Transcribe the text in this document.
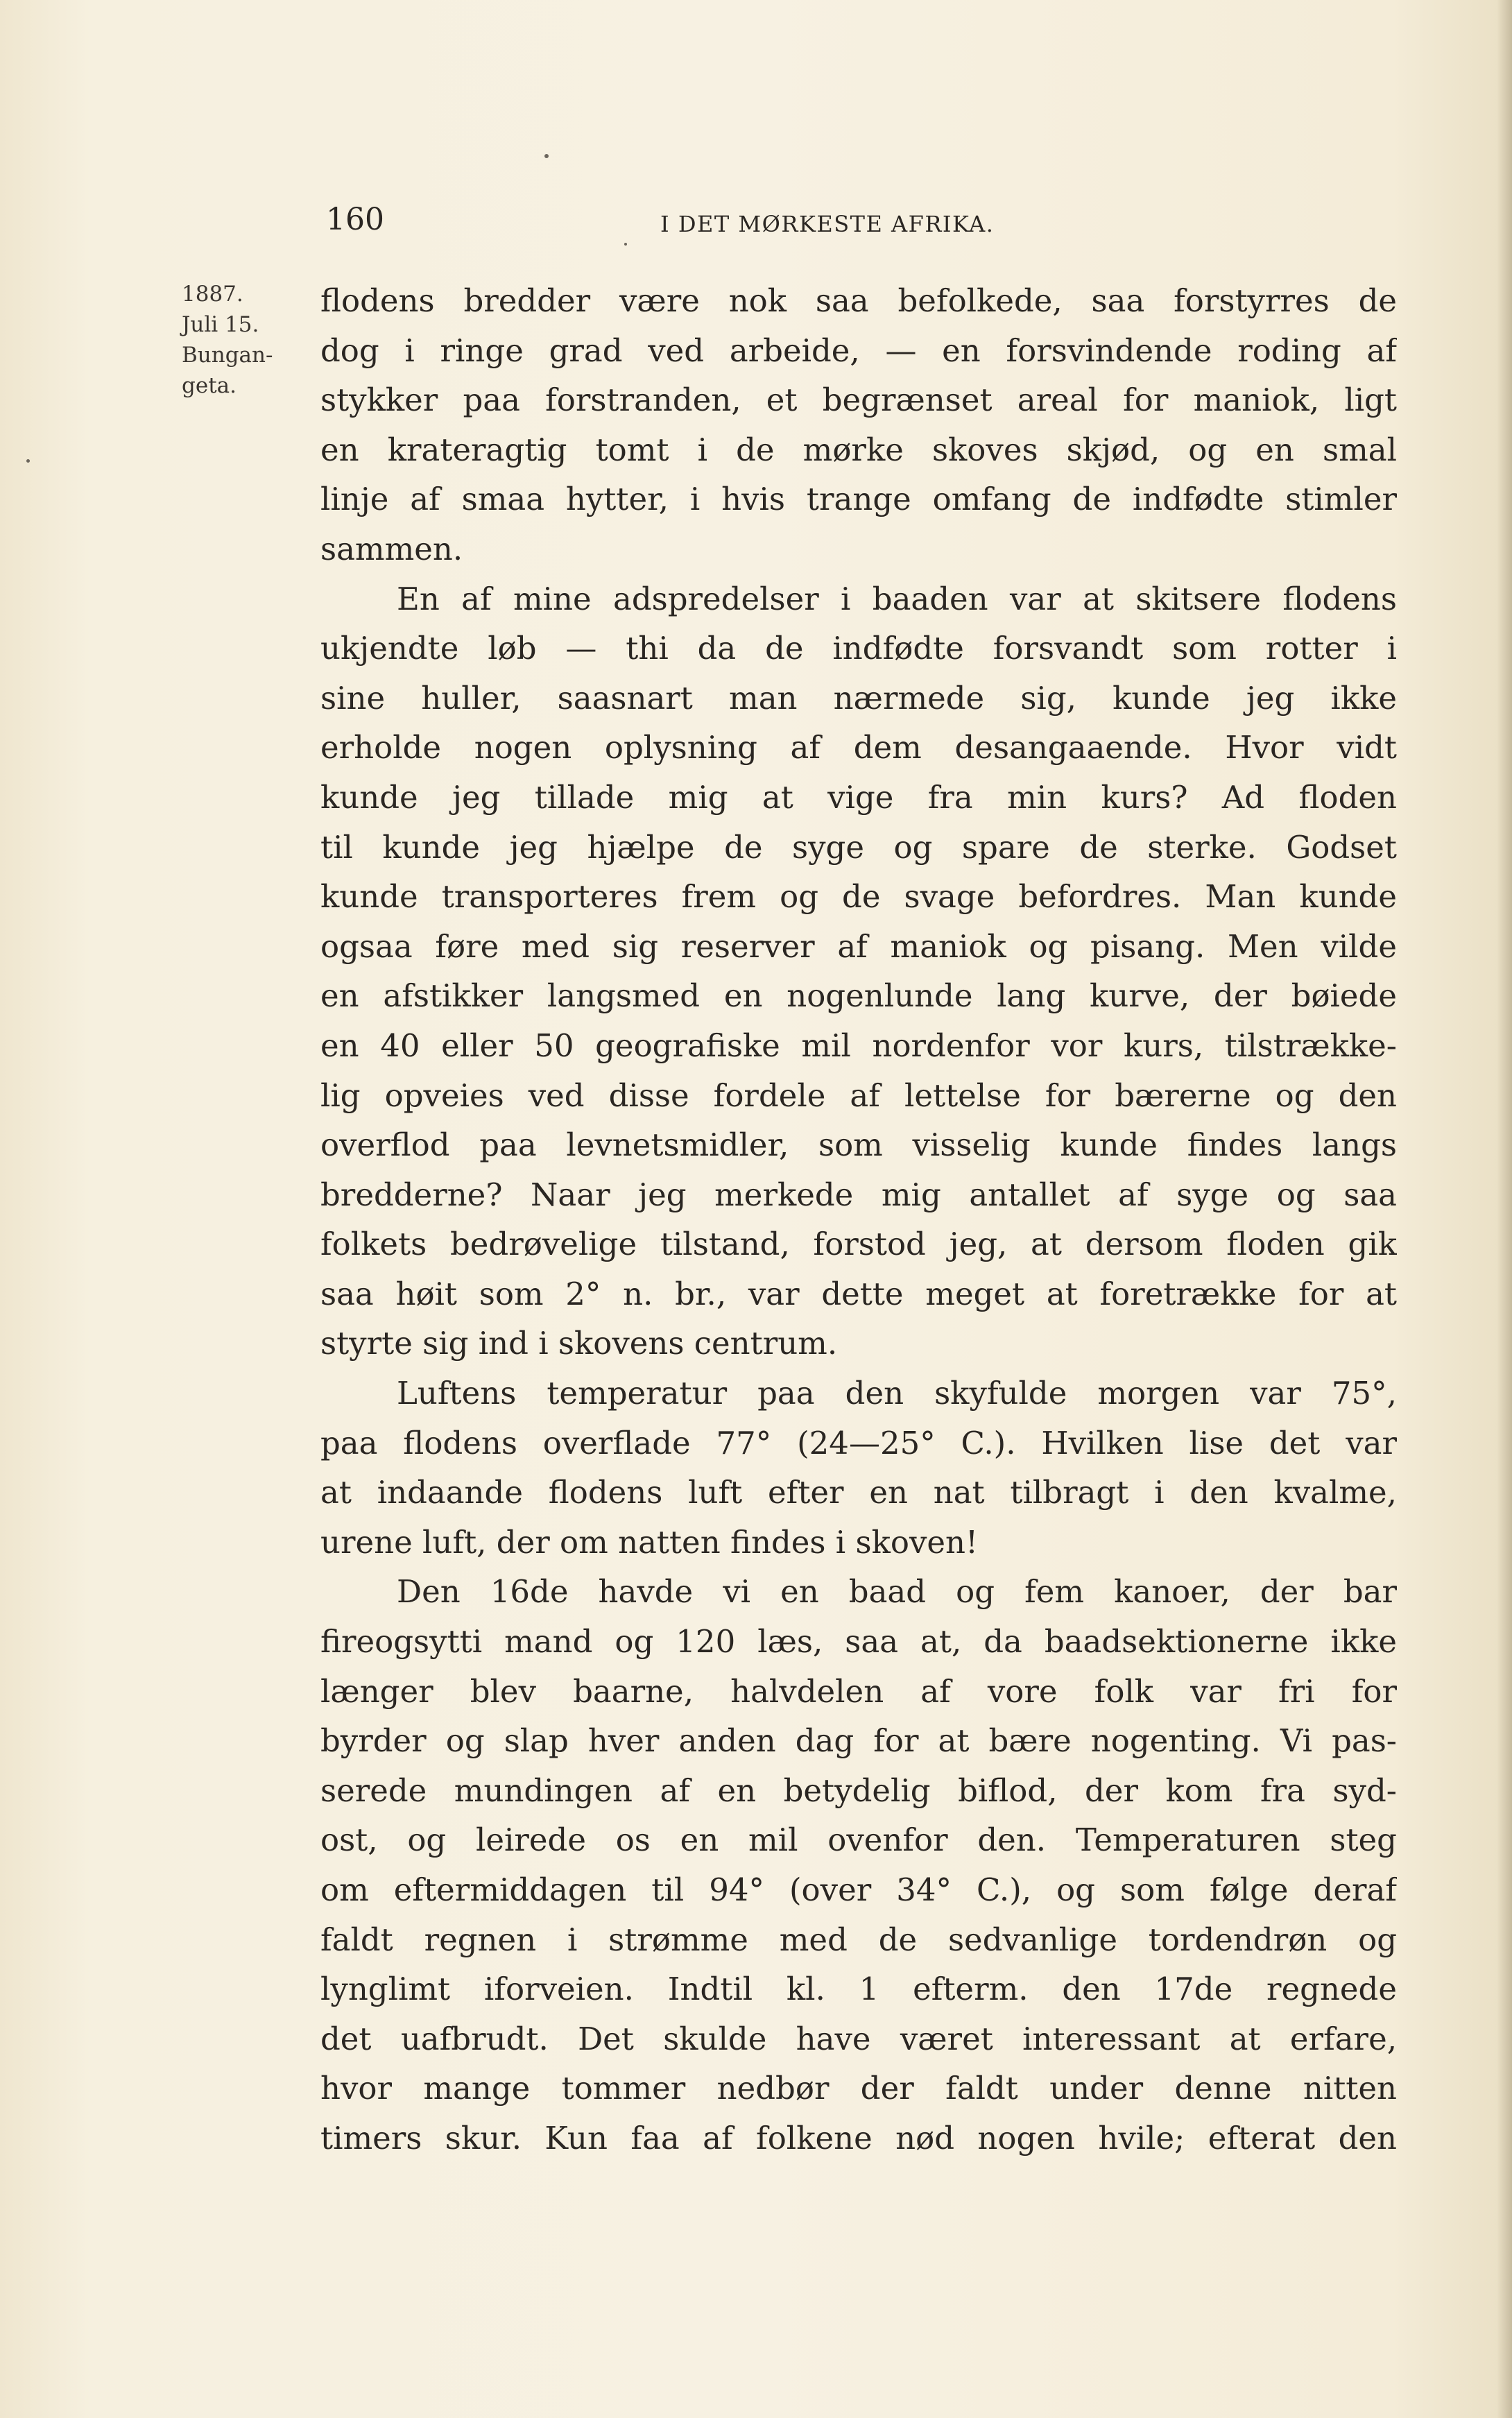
160	I DET MØRKESTE AFRIKA.
1887.
Juli 15.
Bungan-
geta.
flodens bredder være nok saa befolkede, saa forstyrres de
dog i ringe grad ved arbeide, — en forsvindende roding af
stykker paa forstranden, et begrænset areal for maniok, ligt
en krateragtig tomt i de mørke skoves skjød, og en smal
linje af smaa hytter, i hvis trange omfang de indfødte stimler
sammen.
En af mine adspredelser i baaden var at skitsere flodens
ukjendte løb — thi da de indfødte forsvandt som rotter i
sine huller, saasnart man nærmede sig, kunde jeg ikke
erholde nogen oplysning af dem desangaaende. Hvor vidt
kunde jeg tillade mig at vige fra min kurs? Ad floden
til kunde jeg hjælpe de syge og spare de sterke. Godset
kunde transporteres frem og de svage befordres. Man kunde
ogsaa føre med sig reserver af maniok og pisang. Men vilde
en afstikker langsmed en nogenlunde lang kurve, der bøiede
en 40 eller 50 geografiske mil nordenfor vor kurs, tilstrække-
lig opveies ved disse fordele af lettelse for bærerne og den
overflod paa levnetsmidler, som visselig kunde findes langs
bredderne? Naar jeg merkede mig antallet af syge og saa
folkets bedrøvelige tilstand, forstod jeg, at dersom floden gik
saa høit som 2° n. br., var dette meget at foretrække for at
styrte sig ind i skovens centrum.
Luftens temperatur paa den skyfulde morgen var 75°,
paa flodens overflade 77° (24—25° C.). Hvilken lise det var
at indaande flodens luft efter en nat tilbragt i den kvalme,
urene luft, der om natten findes i skoven!
Den 16de havde vi en baad og fem kanoer, der bar
fireogsytti mand og 120 læs, saa at, da baadsektionerne ikke
længer blev baarne, halvdelen af vore folk var fri for
byrder og slap hver anden dag for at bære nogenting. Vi pas-
serede mundingen af en betydelig biflod, der kom fra syd-
ost, og leirede os en mil ovenfor den. Temperaturen steg
om eftermiddagen til 94° (over 34° C.), og som følge deraf
faldt regnen i strømme med de sedvanlige tordendrøn og
lynglimt iforveien. Indtil kl. 1 efterm. den 17de regnede
det uafbrudt. Det skulde have været interessant at erfare,
hvor mange tommer nedbør der faldt under denne nitten
timers skur. Kun faa af folkene nød nogen hvile; efterat den
